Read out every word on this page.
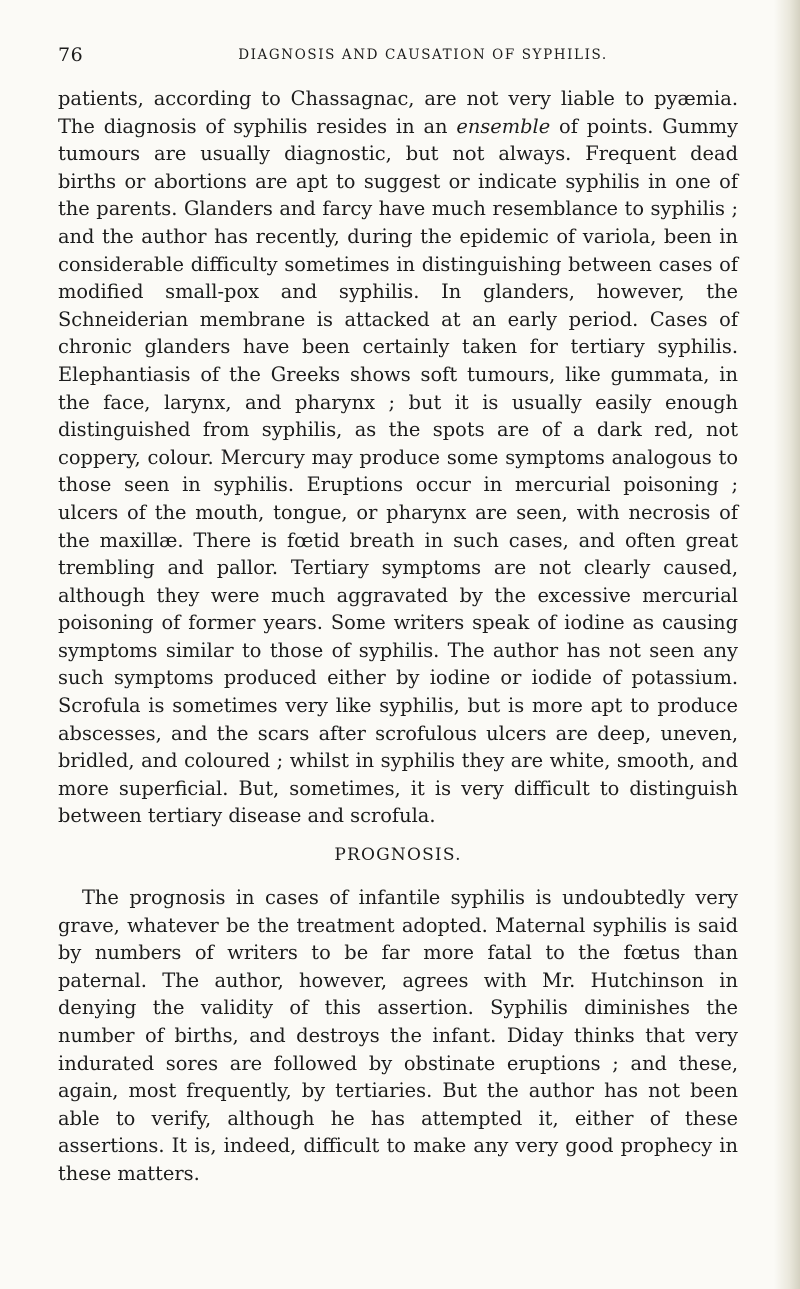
76	DIAGNOSIS AND CAUSATION OF SYPHILIS.

patients, according to Chassagnac, are not very liable to pyæmia. The diagnosis of syphilis resides in an ensemble of points. Gummy tumours are usually diagnostic, but not always. Frequent dead births or abortions are apt to suggest or indicate syphilis in one of the parents. Glanders and farcy have much resemblance to syphilis ; and the author has recently, during the epidemic of variola, been in considerable difficulty sometimes in distinguishing between cases of modified small-pox and syphilis. In glanders, however, the Schneiderian membrane is attacked at an early period. Cases of chronic glanders have been certainly taken for tertiary syphilis. Elephantiasis of the Greeks shows soft tumours, like gummata, in the face, larynx, and pharynx ; but it is usually easily enough distinguished from syphilis, as the spots are of a dark red, not coppery, colour. Mercury may produce some symptoms analogous to those seen in syphilis. Eruptions occur in mercurial poisoning ; ulcers of the mouth, tongue, or pharynx are seen, with necrosis of the maxillæ. There is fœtid breath in such cases, and often great trembling and pallor. Tertiary symptoms are not clearly caused, although they were much aggravated by the excessive mercurial poisoning of former years. Some writers speak of iodine as causing symptoms similar to those of syphilis. The author has not seen any such symptoms produced either by iodine or iodide of potassium. Scrofula is sometimes very like syphilis, but is more apt to produce abscesses, and the scars after scrofulous ulcers are deep, uneven, bridled, and coloured ; whilst in syphilis they are white, smooth, and more superficial. But, sometimes, it is very difficult to distinguish between tertiary disease and scrofula.

PROGNOSIS.

The prognosis in cases of infantile syphilis is undoubtedly very grave, whatever be the treatment adopted. Maternal syphilis is said by numbers of writers to be far more fatal to the fœtus than paternal. The author, however, agrees with Mr. Hutchinson in denying the validity of this assertion. Syphilis diminishes the number of births, and destroys the infant. Diday thinks that very indurated sores are followed by obstinate eruptions ; and these, again, most frequently, by tertiaries. But the author has not been able to verify, although he has attempted it, either of these assertions. It is, indeed, difficult to make any very good prophecy in these matters.
